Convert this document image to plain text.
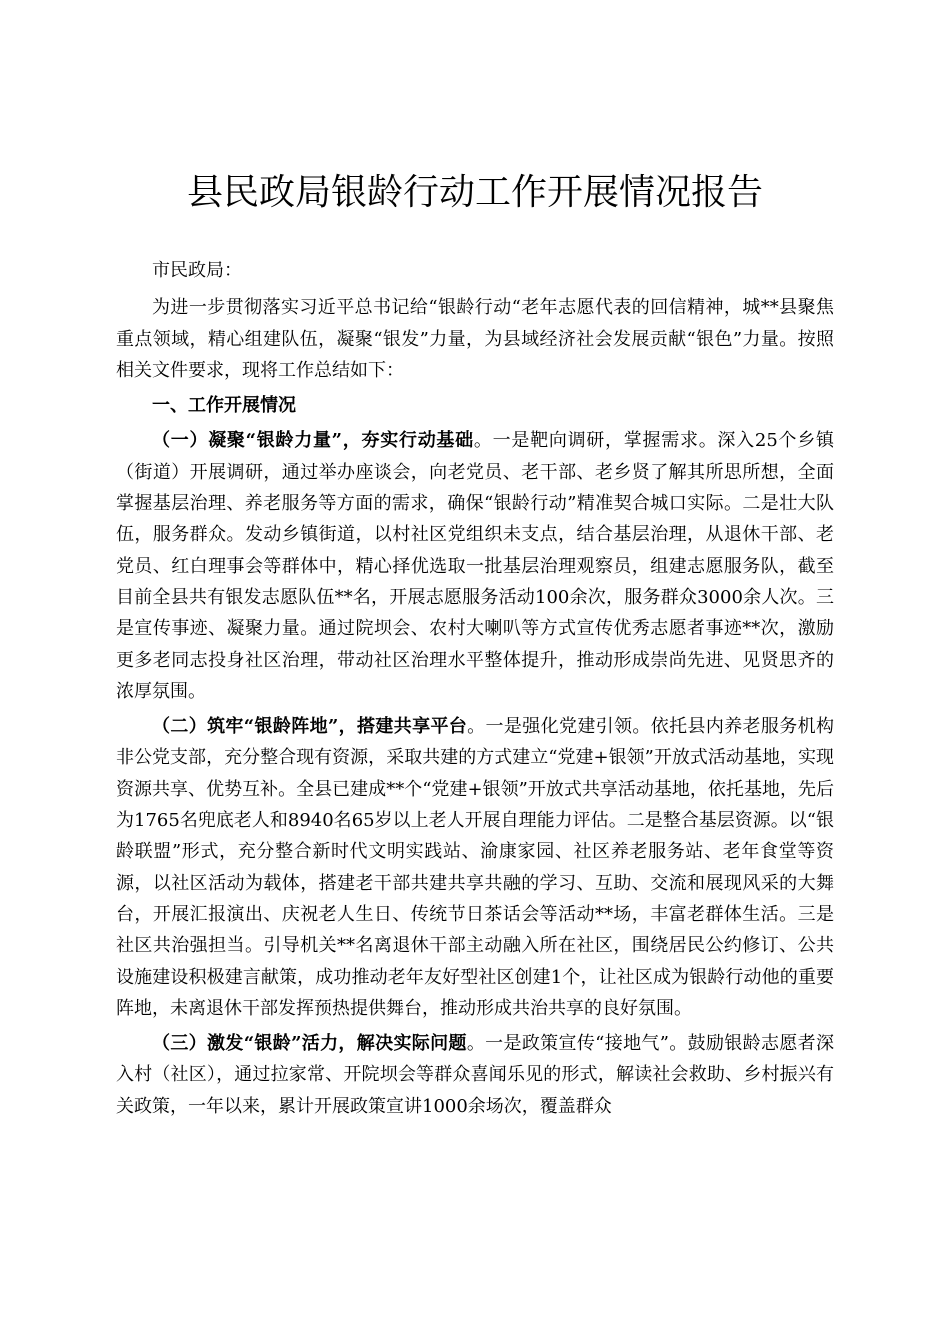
县民政局银龄行动工作开展情况报告

市民政局：

为进一步贯彻落实习近平总书记给“银龄行动“老年志愿代表的回信精神，城**县聚焦重点领域，精心组建队伍，凝聚“银发”力量，为县域经济社会发展贡献“银色”力量。按照相关文件要求，现将工作总结如下：

一、工作开展情况

（一）凝聚“银龄力量”，夯实行动基础。一是靶向调研，掌握需求。深入25个乡镇（街道）开展调研，通过举办座谈会，向老党员、老干部、老乡贤了解其所思所想，全面掌握基层治理、养老服务等方面的需求，确保“银龄行动”精准契合城口实际。二是壮大队伍，服务群众。发动乡镇街道，以村社区党组织未支点，结合基层治理，从退休干部、老党员、红白理事会等群体中，精心择优选取一批基层治理观察员，组建志愿服务队，截至目前全县共有银发志愿队伍**名，开展志愿服务活动100余次，服务群众3000余人次。三是宣传事迹、凝聚力量。通过院坝会、农村大喇叭等方式宣传优秀志愿者事迹**次，激励更多老同志投身社区治理，带动社区治理水平整体提升，推动形成崇尚先进、见贤思齐的浓厚氛围。

（二）筑牢“银龄阵地”，搭建共享平台。一是强化党建引领。依托县内养老服务机构非公党支部，充分整合现有资源，采取共建的方式建立“党建+银领”开放式活动基地，实现资源共享、优势互补。全县已建成**个“党建+银领”开放式共享活动基地，依托基地，先后为1765名兜底老人和8940名65岁以上老人开展自理能力评估。二是整合基层资源。以“银龄联盟”形式，充分整合新时代文明实践站、渝康家园、社区养老服务站、老年食堂等资源，以社区活动为载体，搭建老干部共建共享共融的学习、互助、交流和展现风采的大舞台，开展汇报演出、庆祝老人生日、传统节日茶话会等活动**场，丰富老群体生活。三是社区共治强担当。引导机关**名离退休干部主动融入所在社区，围绕居民公约修订、公共设施建设积极建言献策，成功推动老年友好型社区创建1个，让社区成为银龄行动他的重要阵地，未离退休干部发挥预热提供舞台，推动形成共治共享的良好氛围。

（三）激发“银龄”活力，解决实际问题。一是政策宣传“接地气”。鼓励银龄志愿者深入村（社区），通过拉家常、开院坝会等群众喜闻乐见的形式，解读社会救助、乡村振兴有关政策，一年以来，累计开展政策宣讲1000余场次，覆盖群众
